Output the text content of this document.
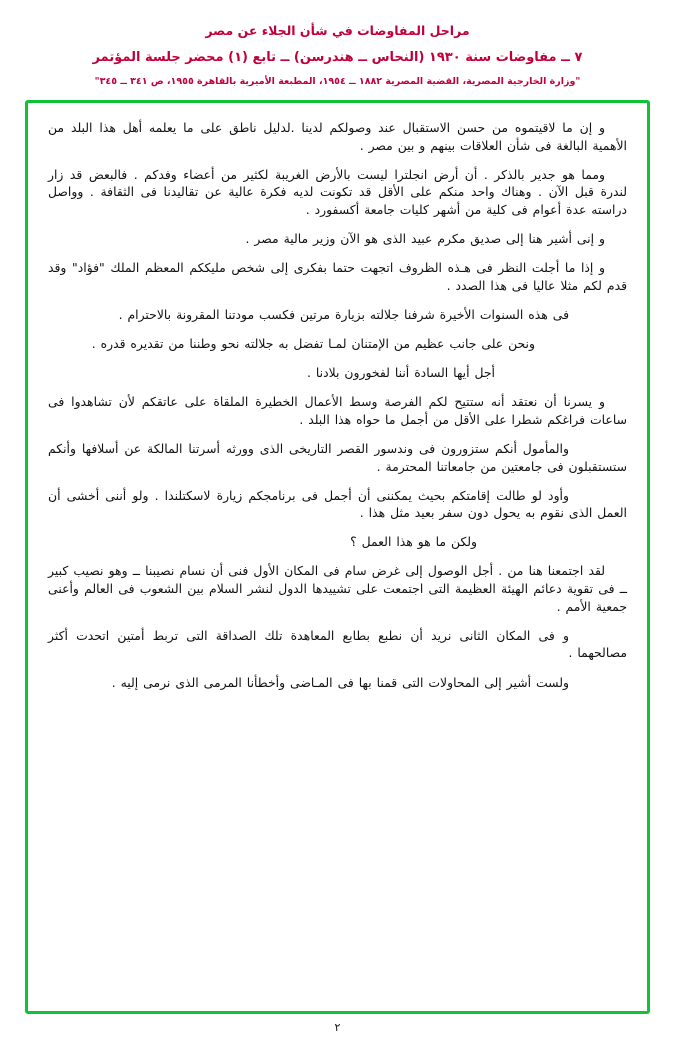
مراحل المفاوضات في شأن الجلاء عن مصر
٧ ــ مفاوضات سنة ١٩٣٠ (النحاس ــ هندرسن) ــ تابع (١) محضر جلسة المؤتمر
"وزارة الخارجية المصرية، القضية المصرية ١٨٨٢ ــ ١٩٥٤، المطبعة الأميرية بالقاهرة ١٩٥٥، ص ٣٤١ ــ ٣٤٥"

و إن ما لاقيتموه من حسن الاستقبال عند وصولكم لدينا .لدليل ناطق على ما يعلمه أهل هذا البلد من الأهمية البالغة فى شأن العلاقات بينهم و بين مصر .

ومما هو جدير بالذكر . أن أرض انجلترا ليست بالأرض الغريبة لكثير من أعضاء وفدكم . فالبعض قد زار لندرة قبل الآن . وهناك واحد منكم على الأقل قد تكونت لديه فكرة عالية عن تقاليدنا فى الثقافة . وواصل دراسته عدة أعوام فى كلية من أشهر كليات جامعة أكسفورد .

و إنى أشير هنا إلى صديق مكرم عبيد الذى هو الآن وزير مالية مصر .

و إذا ما أجلت النظر فى هـذه الظروف اتجهت حتما بفكرى إلى شخص مليككم المعظم الملك "فؤاد" وقد قدم لكم مثلا عاليا فى هذا الصدد .

فى هذه السنوات الأخيرة شرفنا جلالته بزيارة مرتين فكسب مودتنا المقرونة بالاحترام .

ونحن على جانب عظيم من الإمتنان لمـا تفضل به جلالته نحو وطننا من تقديره قدره .

أجل أيها السادة أننا لفخورون بلادنا .

و يسرنا أن نعتقد أنه ستتيح لكم الفرصة وسط الأعمال الخطيرة الملقاة على عاتقكم لأن تشاهدوا فى ساعات فراغكم شطرا على الأقل من أجمل ما حواه هذا البلد .

والمأمول أنكم ستزورون فى وندسور القصر التاريخى الذى وورثه أسرتنا المالكة عن أسلافها وأنكم ستستقبلون فى جامعتين من جامعاتنا المحترمة .

وأود لو طالت إقامتكم بحيث يمكننى أن أجمل فى برنامجكم زيارة لاسكتلندا . ولو أننى أخشى أن العمل الذى نقوم به يحول دون سفر بعيد مثل هذا .

ولكن ما هو هذا العمل ؟

لقد اجتمعنا هنا من . أجل الوصول إلى غرض سام فى المكان الأول فنى أن نسام نصيبنا ــ وهو نصيب كبير ــ فى تقوية دعائم الهيئة العظيمة التى اجتمعت على تشييدها الدول لنشر السلام بين الشعوب فى العالم وأعنى جمعية الأمم .

و فى المكان الثانى نريد أن نطبع بطابع المعاهدة تلك الصداقة التى تربط أمتين اتحدت أكثر مصالحهما .

ولست أشير إلى المحاولات التى قمنا بها فى المـاضى وأخطأنا المرمى الذى نرمى إليه .

٢
